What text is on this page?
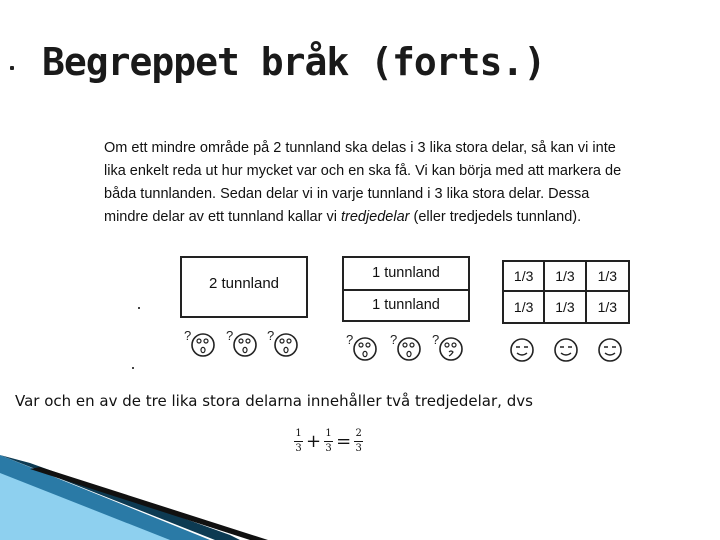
Begreppet bråk (forts.)

Om ett mindre område på 2 tunnland ska delas i 3 lika stora delar, så kan vi inte lika enkelt reda ut hur mycket var och en ska få. Vi kan börja med att markera de båda tunnlanden. Sedan delar vi in varje tunnland i 3 lika stora delar. Dessa mindre delar av ett tunnland kallar vi tredjedelar (eller tredjedels tunnland).

2 tunnland
1 tunnland
1 tunnland
1/3	1/3	1/3
1/3	1/3	1/3
?	?	?	?	?	?
Var och en av de tre lika stora delarna innehåller två tredjedelar, dvs
$\frac{1}{3} + \frac{1}{3} = \frac{2}{3}$
